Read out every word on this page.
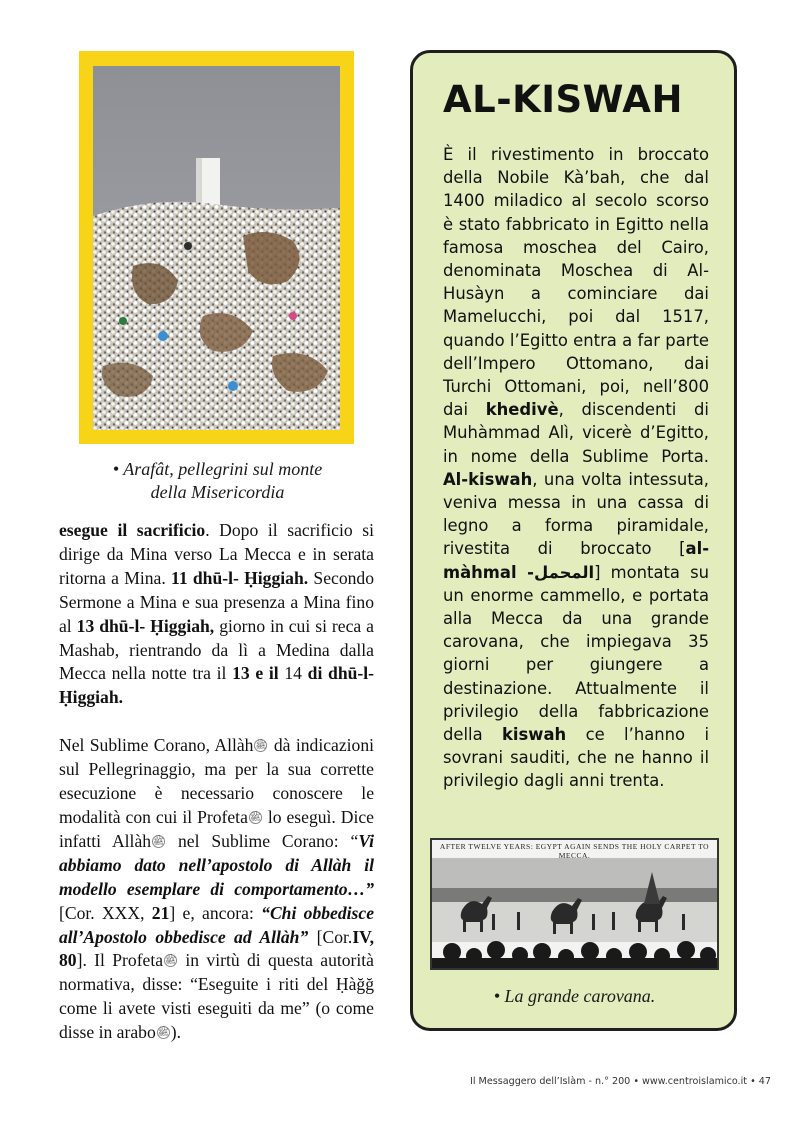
• Arafât, pellegrini sul monte della Misericordia

esegue il sacrificio. Dopo il sacrificio si dirige da Mina verso La Mecca e in serata ritorna a Mina. 11 dhū-l- Ḥiggiah. Secondo Sermone a Mina e sua presenza a Mina fino al 13 dhū-l- Ḥiggiah, giorno in cui si reca a Mashab, rientrando da lì a Medina dalla Mecca nella notte tra il 13 e il 14 di dhū-l-Ḥiggiah.

Nel Sublime Corano, Allàh ﷺ dà indicazioni sul Pellegrinaggio, ma per la sua corrette esecuzione è necessario conoscere le modalità con cui il Profeta ﷺ lo eseguì. Dice infatti Allàh ﷺ nel Sublime Corano: “Vi abbiamo dato nell’apostolo di Allàh il modello esemplare di comportamento…” [Cor. XXX, 21] e, ancora: “Chi obbedisce all’Apostolo obbedisce ad Allàh” [Cor.IV, 80]. Il Profeta ﷺ in virtù di questa autorità normativa, disse: “Eseguite i riti del Ḥàğğ come li avete visti eseguiti da me” (o come disse in arabo ﷺ ).

AL-KISWAH
È il rivestimento in broccato della Nobile Kà’bah, che dal 1400 miladico al secolo scorso è stato fabbricato in Egitto nella famosa moschea del Cairo, denominata Moschea di Al-Husàyn a cominciare dai Mamelucchi, poi dal 1517, quando l’Egitto entra a far parte dell’Impero Ottomano, dai Turchi Ottomani, poi, nell’800 dai khedivè, discendenti di Muhàmmad Alì, vicerè d’Egitto, in nome della Sublime Porta. Al-kiswah, una volta intessuta, veniva messa in una cassa di legno a forma piramidale, rivestita di broccato [al-màhmal -المحمل] montata su un enorme cammello, e portata alla Mecca da una grande carovana, che impiegava 35 giorni per giungere a destinazione. Attualmente il privilegio della fabbricazione della kiswah ce l’hanno i sovrani sauditi, che ne hanno il privilegio dagli anni trenta.
AFTER TWELVE YEARS: EGYPT AGAIN SENDS THE HOLY CARPET TO MECCA.
• La grande carovana.
Il Messaggero dell’Islàm - n.° 200 • www.centroislamico.it • 47
